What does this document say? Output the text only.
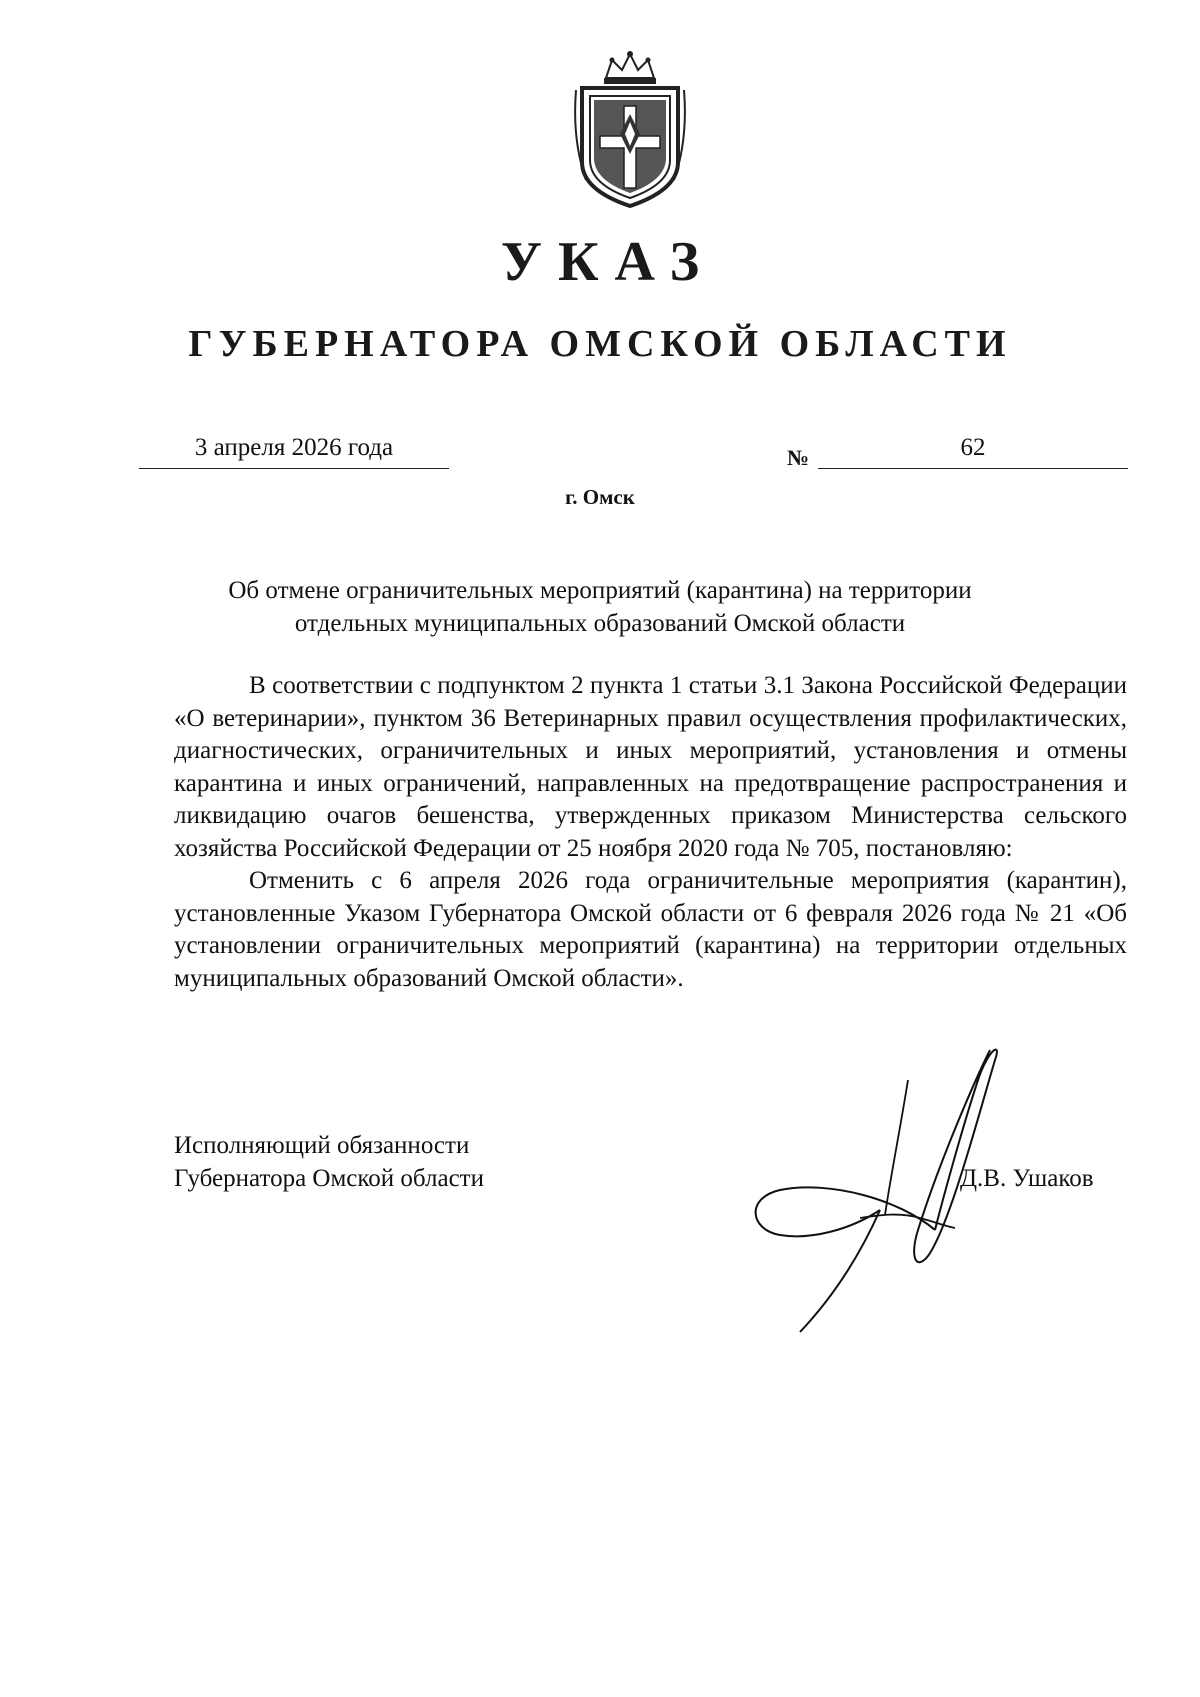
УКАЗ
ГУБЕРНАТОРА ОМСКОЙ ОБЛАСТИ
3 апреля 2026 года	№	62
г. Омск
Об отмене ограничительных мероприятий (карантина) на территории
отдельных муниципальных образований Омской области

В соответствии с подпунктом 2 пункта 1 статьи 3.1 Закона Российской Федерации «О ветеринарии», пунктом 36 Ветеринарных правил осуществления профилактических, диагностических, ограничительных и иных мероприятий, установления и отмены карантина и иных ограничений, направленных на предотвращение распространения и ликвидацию очагов бешенства, утвержденных приказом Министерства сельского хозяйства Российской Федерации от 25 ноября 2020 года № 705, постановляю:

Отменить с 6 апреля 2026 года ограничительные мероприятия (карантин), установленные Указом Губернатора Омской области от 6 февраля 2026 года № 21 «Об установлении ограничительных мероприятий (карантина) на территории отдельных муниципальных образований Омской области».

Исполняющий обязанности
Губернатора Омской области	Д.В. Ушаков
